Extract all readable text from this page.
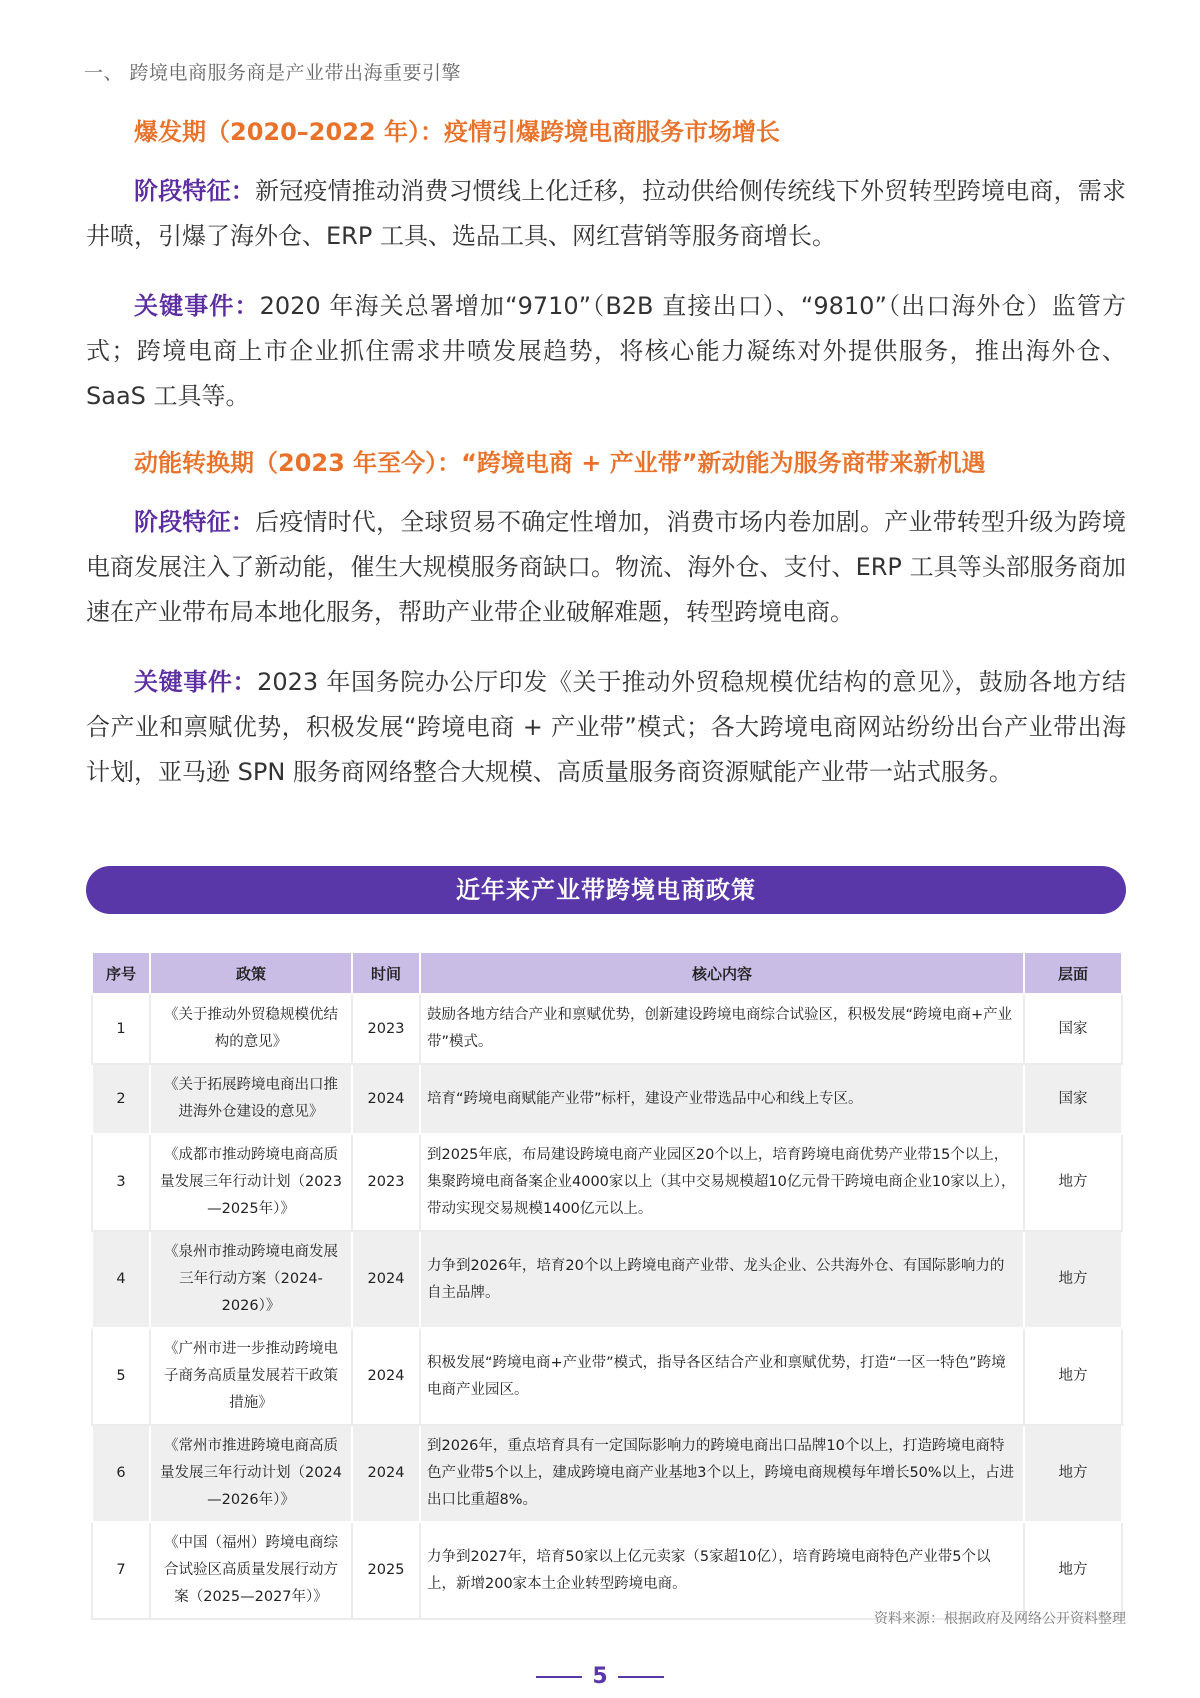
一、 跨境电商服务商是产业带出海重要引擎

爆发期（2020–2022 年）：疫情引爆跨境电商服务市场增长

阶段特征：新冠疫情推动消费习惯线上化迁移，拉动供给侧传统线下外贸转型跨境电商，需求井喷，引爆了海外仓、ERP 工具、选品工具、网红营销等服务商增长。

关键事件：2020 年海关总署增加“9710”（B2B 直接出口）、“9810”（出口海外仓）监管方式；跨境电商上市企业抓住需求井喷发展趋势，将核心能力凝练对外提供服务，推出海外仓、SaaS 工具等。

动能转换期（2023 年至今）：“跨境电商 + 产业带”新动能为服务商带来新机遇

阶段特征：后疫情时代，全球贸易不确定性增加，消费市场内卷加剧。产业带转型升级为跨境电商发展注入了新动能，催生大规模服务商缺口。物流、海外仓、支付、ERP 工具等头部服务商加速在产业带布局本地化服务，帮助产业带企业破解难题，转型跨境电商。

关键事件：2023 年国务院办公厅印发《关于推动外贸稳规模优结构的意见》，鼓励各地方结合产业和禀赋优势，积极发展“跨境电商 + 产业带”模式；各大跨境电商网站纷纷出台产业带出海计划，亚马逊 SPN 服务商网络整合大规模、高质量服务商资源赋能产业带一站式服务。

近年来产业带跨境电商政策
序号	政策	时间	核心内容	层面
1	《关于推动外贸稳规模优结构的意见》	2023	鼓励各地方结合产业和禀赋优势，创新建设跨境电商综合试验区，积极发展“跨境电商+产业带”模式。	国家
2	《关于拓展跨境电商出口推进海外仓建设的意见》	2024	培育“跨境电商赋能产业带”标杆，建设产业带选品中心和线上专区。	国家
3	《成都市推动跨境电商高质量发展三年行动计划（2023—2025年）》	2023	到2025年底，布局建设跨境电商产业园区20个以上，培育跨境电商优势产业带15个以上，集聚跨境电商备案企业4000家以上（其中交易规模超10亿元骨干跨境电商企业10家以上），带动实现交易规模1400亿元以上。	地方
4	《泉州市推动跨境电商发展三年行动方案（2024-2026）》	2024	力争到2026年，培育20个以上跨境电商产业带、龙头企业、公共海外仓、有国际影响力的自主品牌。	地方
5	《广州市进一步推动跨境电子商务高质量发展若干政策措施》	2024	积极发展“跨境电商+产业带”模式，指导各区结合产业和禀赋优势，打造“一区一特色”跨境电商产业园区。	地方
6	《常州市推进跨境电商高质量发展三年行动计划（2024—2026年）》	2024	到2026年，重点培育具有一定国际影响力的跨境电商出口品牌10个以上，打造跨境电商特色产业带5个以上，建成跨境电商产业基地3个以上，跨境电商规模每年增长50%以上，占进出口比重超8%。	地方
7	《中国（福州）跨境电商综合试验区高质量发展行动方案（2025—2027年）》	2025	力争到2027年，培育50家以上亿元卖家（5家超10亿），培育跨境电商特色产业带5个以上，新增200家本土企业转型跨境电商。	地方
资料来源：根据政府及网络公开资料整理
5
